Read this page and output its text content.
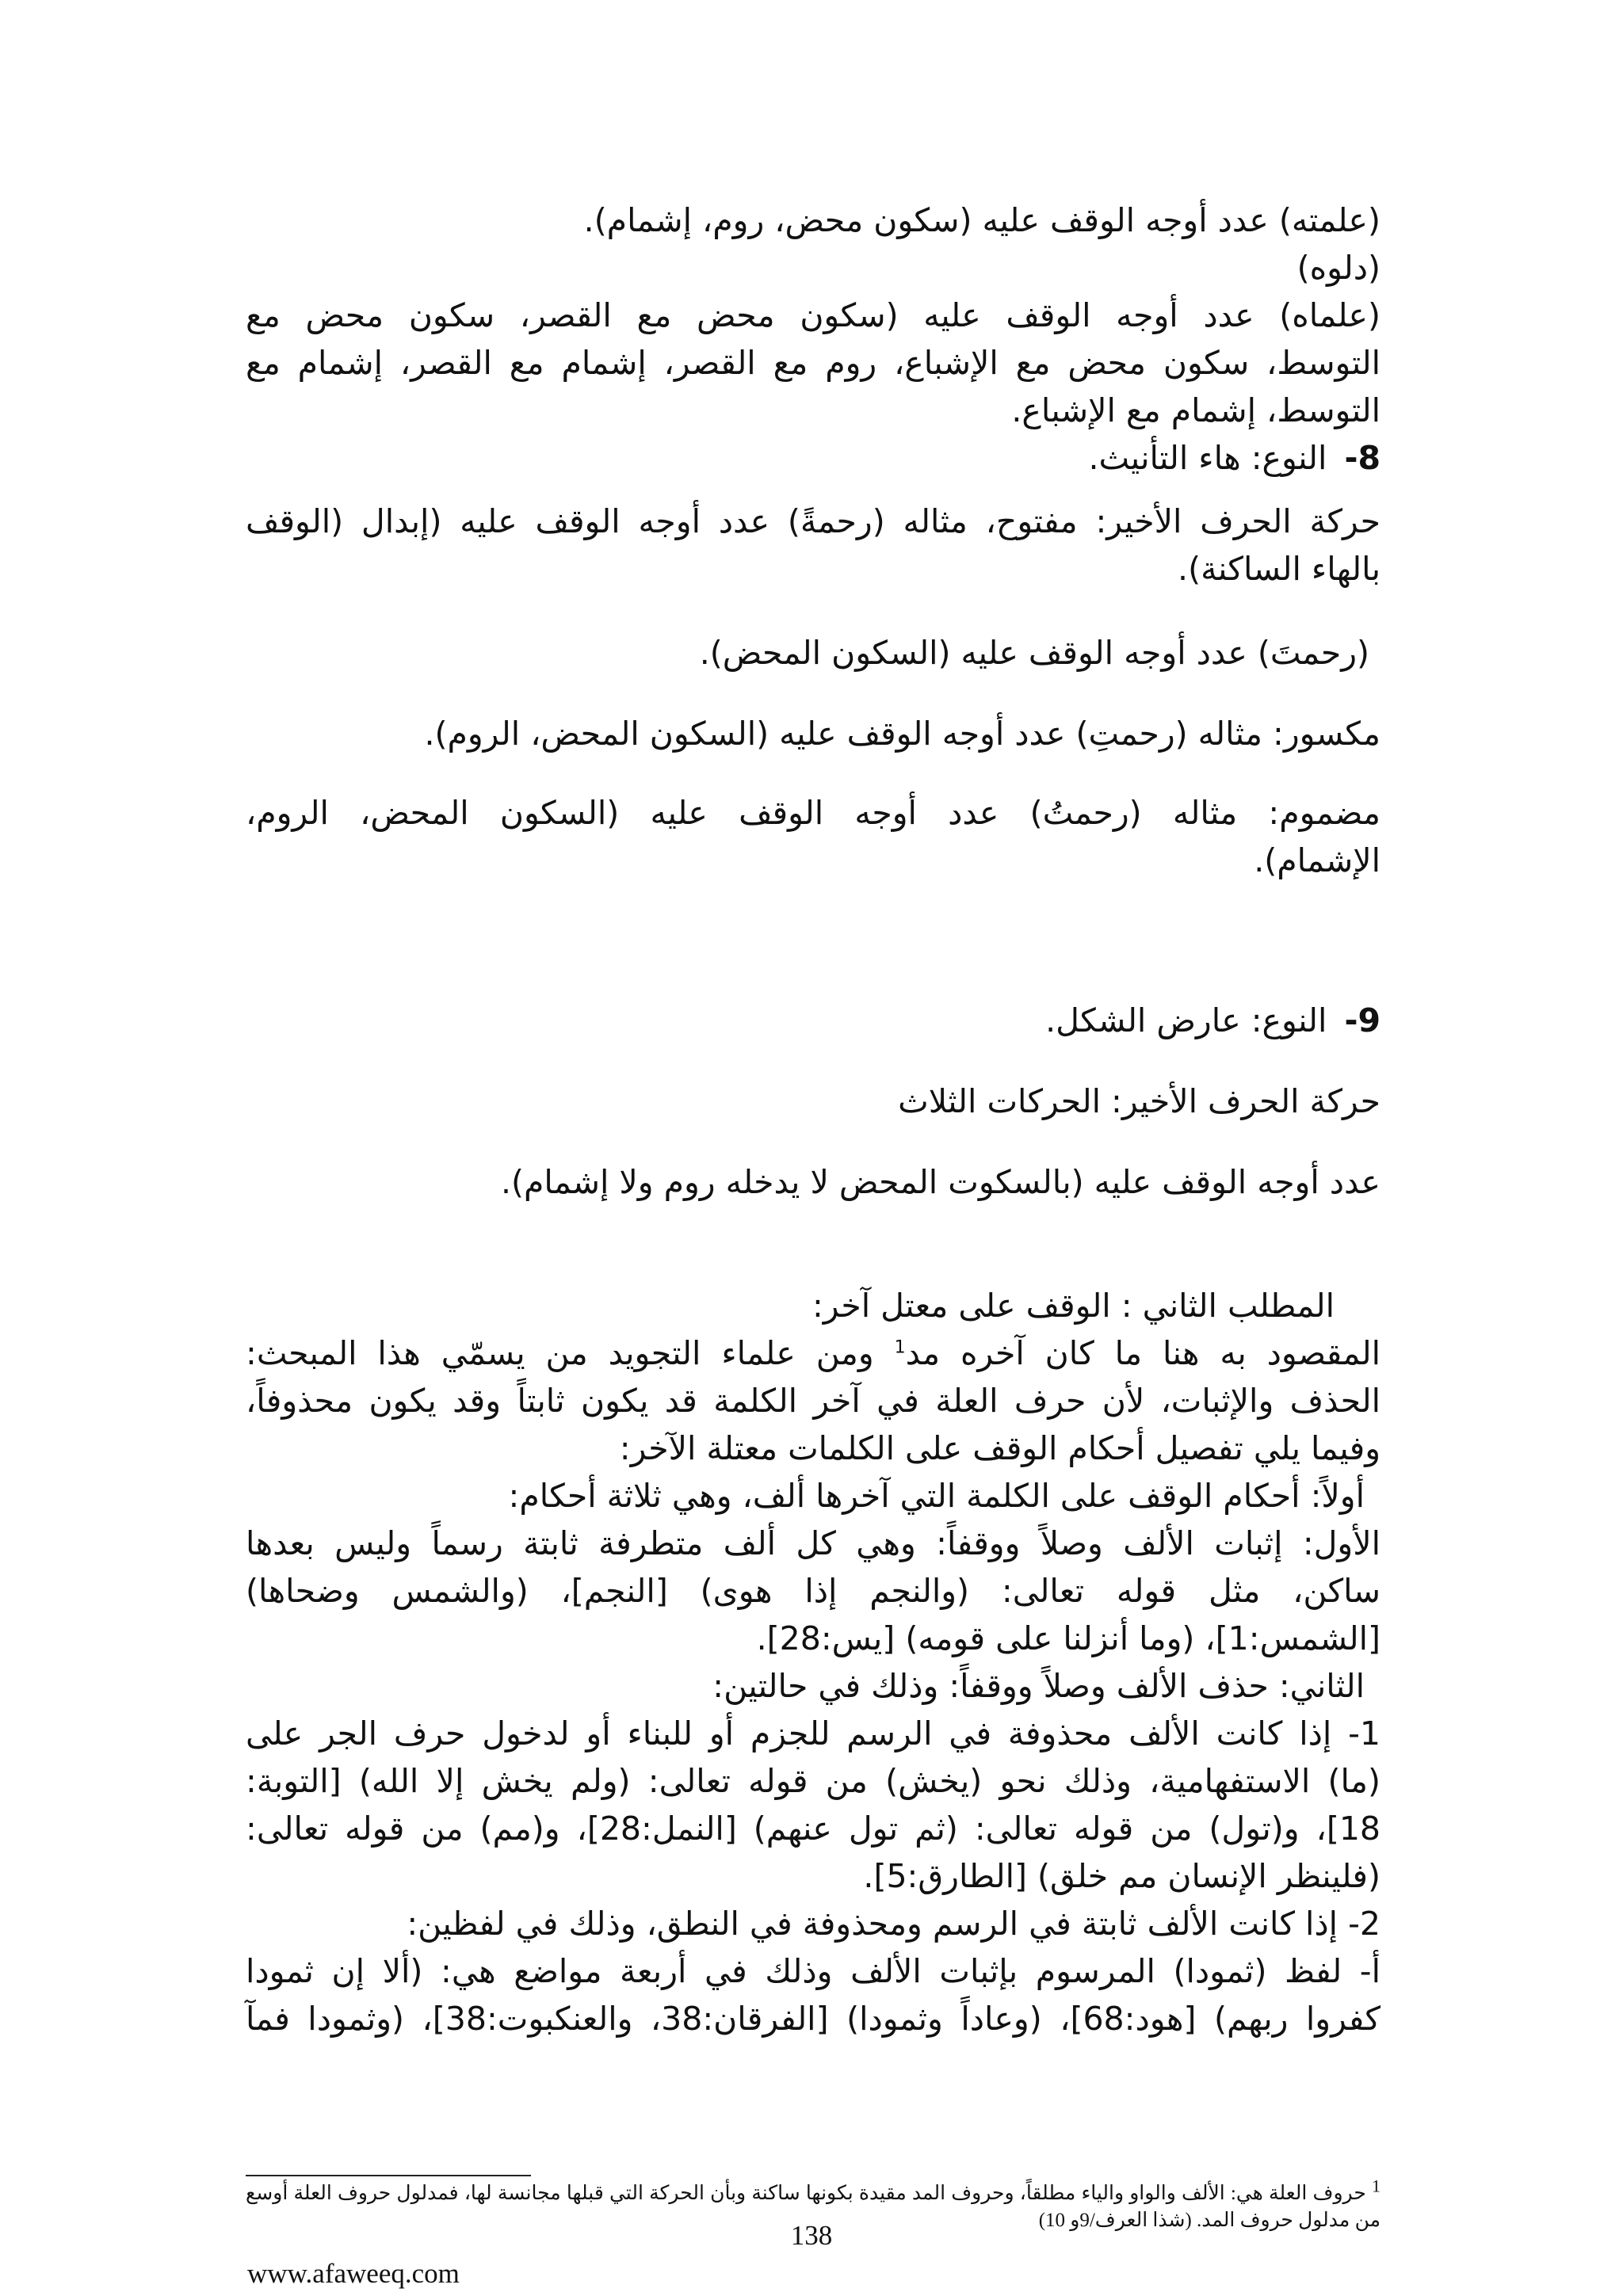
(علمته) عدد أوجه الوقف عليه (سكون محض، روم، إشمام).
(دلوه)
(علماه) عدد أوجه الوقف عليه (سكون محض مع القصر، سكون محض مع
التوسط، سكون محض مع الإشباع، روم مع القصر، إشمام مع القصر، إشمام مع
التوسط، إشمام مع الإشباع.
8-النوع: هاء التأنيث.
حركة الحرف الأخير: مفتوح، مثاله (رحمةً) عدد أوجه الوقف عليه (إبدال (الوقف
بالهاء الساكنة).
(رحمتَ) عدد أوجه الوقف عليه (السكون المحض).
مكسور: مثاله (رحمتِ) عدد أوجه الوقف عليه (السكون المحض، الروم).
مضموم: مثاله (رحمتُ) عدد أوجه الوقف عليه (السكون المحض، الروم،
الإشمام).
9-النوع: عارض الشكل.
حركة الحرف الأخير: الحركات الثلاث
عدد أوجه الوقف عليه (بالسكوت المحض لا يدخله روم ولا إشمام).
المطلب الثاني : الوقف على معتل آخر:
المقصود به هنا ما كان آخره مد$^1$ ومن علماء التجويد من يسمّي هذا المبحث:
الحذف والإثبات، لأن حرف العلة في آخر الكلمة قد يكون ثابتاً وقد يكون محذوفاً،
وفيما يلي تفصيل أحكام الوقف على الكلمات معتلة الآخر:
أولاً: أحكام الوقف على الكلمة التي آخرها ألف، وهي ثلاثة أحكام:
الأول: إثبات الألف وصلاً ووقفاً: وهي كل ألف متطرفة ثابتة رسماً وليس بعدها
ساكن، مثل قوله تعالى: (والنجم إذا هوى) [النجم]، (والشمس وضحاها)
[الشمس:1]، (وما أنزلنا على قومه) [يس:28].
الثاني: حذف الألف وصلاً ووقفاً: وذلك في حالتين:
1- إذا كانت الألف محذوفة في الرسم للجزم أو للبناء أو لدخول حرف الجر على
(ما) الاستفهامية، وذلك نحو (يخش) من قوله تعالى: (ولم يخش إلا الله) [التوبة:
18]، و(تول) من قوله تعالى: (ثم تول عنهم) [النمل:28]، و(مم) من قوله تعالى:
(فلينظر الإنسان مم خلق) [الطارق:5].
2- إذا كانت الألف ثابتة في الرسم ومحذوفة في النطق، وذلك في لفظين:
أ- لفظ (ثمودا) المرسوم بإثبات الألف وذلك في أربعة مواضع هي: (ألا إن ثمودا
كفروا ربهم) [هود:68]، (وعاداً وثمودا) [الفرقان:38، والعنكبوت:38]، (وثمودا فمآ
$^1$ حروف العلة هي: الألف والواو والياء مطلقاً، وحروف المد مقيدة بكونها ساكنة وبأن الحركة التي قبلها مجانسة لها، فمدلول حروف العلة أوسع من مدلول حروف المد. (شذا العرف/9و 10)
138
www.afaweeq.com
